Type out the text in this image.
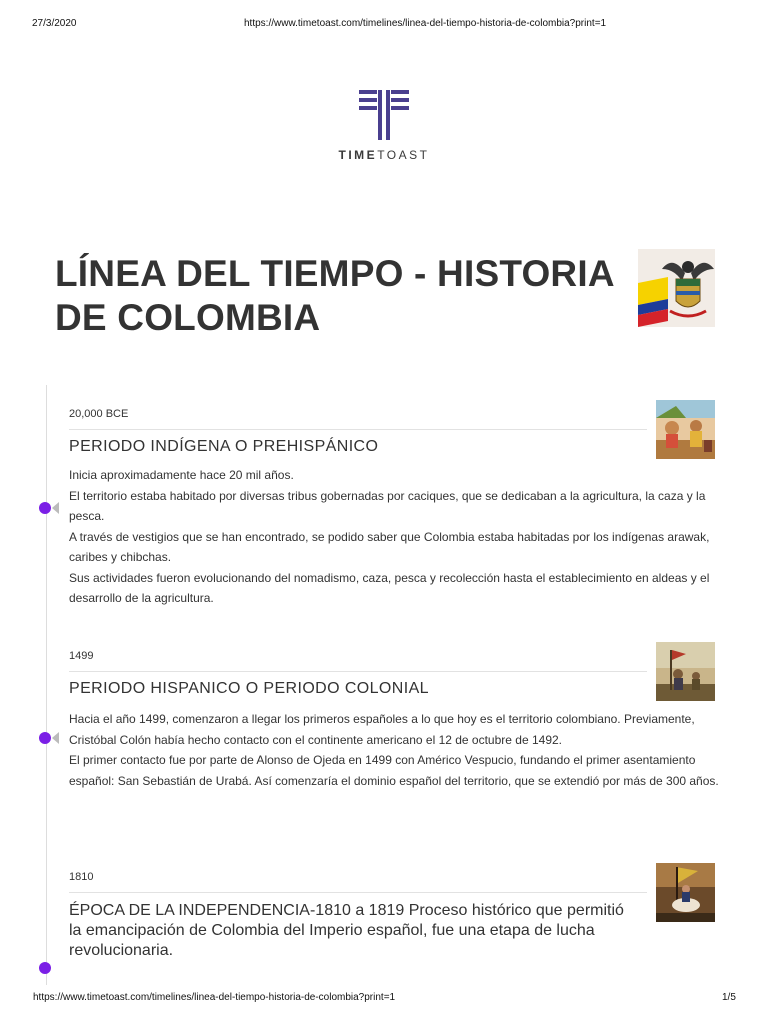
27/3/2020	https://www.timetoast.com/timelines/linea-del-tiempo-historia-de-colombia?print=1
TIMETOAST
LÍNEA DEL TIEMPO - HISTORIA DE COLOMBIA
20,000 BCE
PERIODO INDÍGENA O PREHISPÁNICO

Inicia aproximadamente hace 20 mil años.

El territorio estaba habitado por diversas tribus gobernadas por caciques, que se dedicaban a la agricultura, la caza y la pesca.

A través de vestigios que se han encontrado, se podido saber que Colombia estaba habitadas por los indígenas arawak, caribes y chibchas.

Sus actividades fueron evolucionando del nomadismo, caza, pesca y recolección hasta el establecimiento en aldeas y el desarrollo de la agricultura.

1499
PERIODO HISPANICO O PERIODO COLONIAL

Hacia el año 1499, comenzaron a llegar los primeros españoles a lo que hoy es el territorio colombiano. Previamente, Cristóbal Colón había hecho contacto con el continente americano el 12 de octubre de 1492.

El primer contacto fue por parte de Alonso de Ojeda en 1499 con Américo Vespucio, fundando el primer asentamiento español: San Sebastián de Urabá. Así comenzaría el dominio español del territorio, que se extendió por más de 300 años.

1810
ÉPOCA DE LA INDEPENDENCIA-1810 a 1819 Proceso histórico que permitió la emancipación de Colombia del Imperio español, fue una etapa de lucha revolucionaria.
https://www.timetoast.com/timelines/linea-del-tiempo-historia-de-colombia?print=1	1/5
